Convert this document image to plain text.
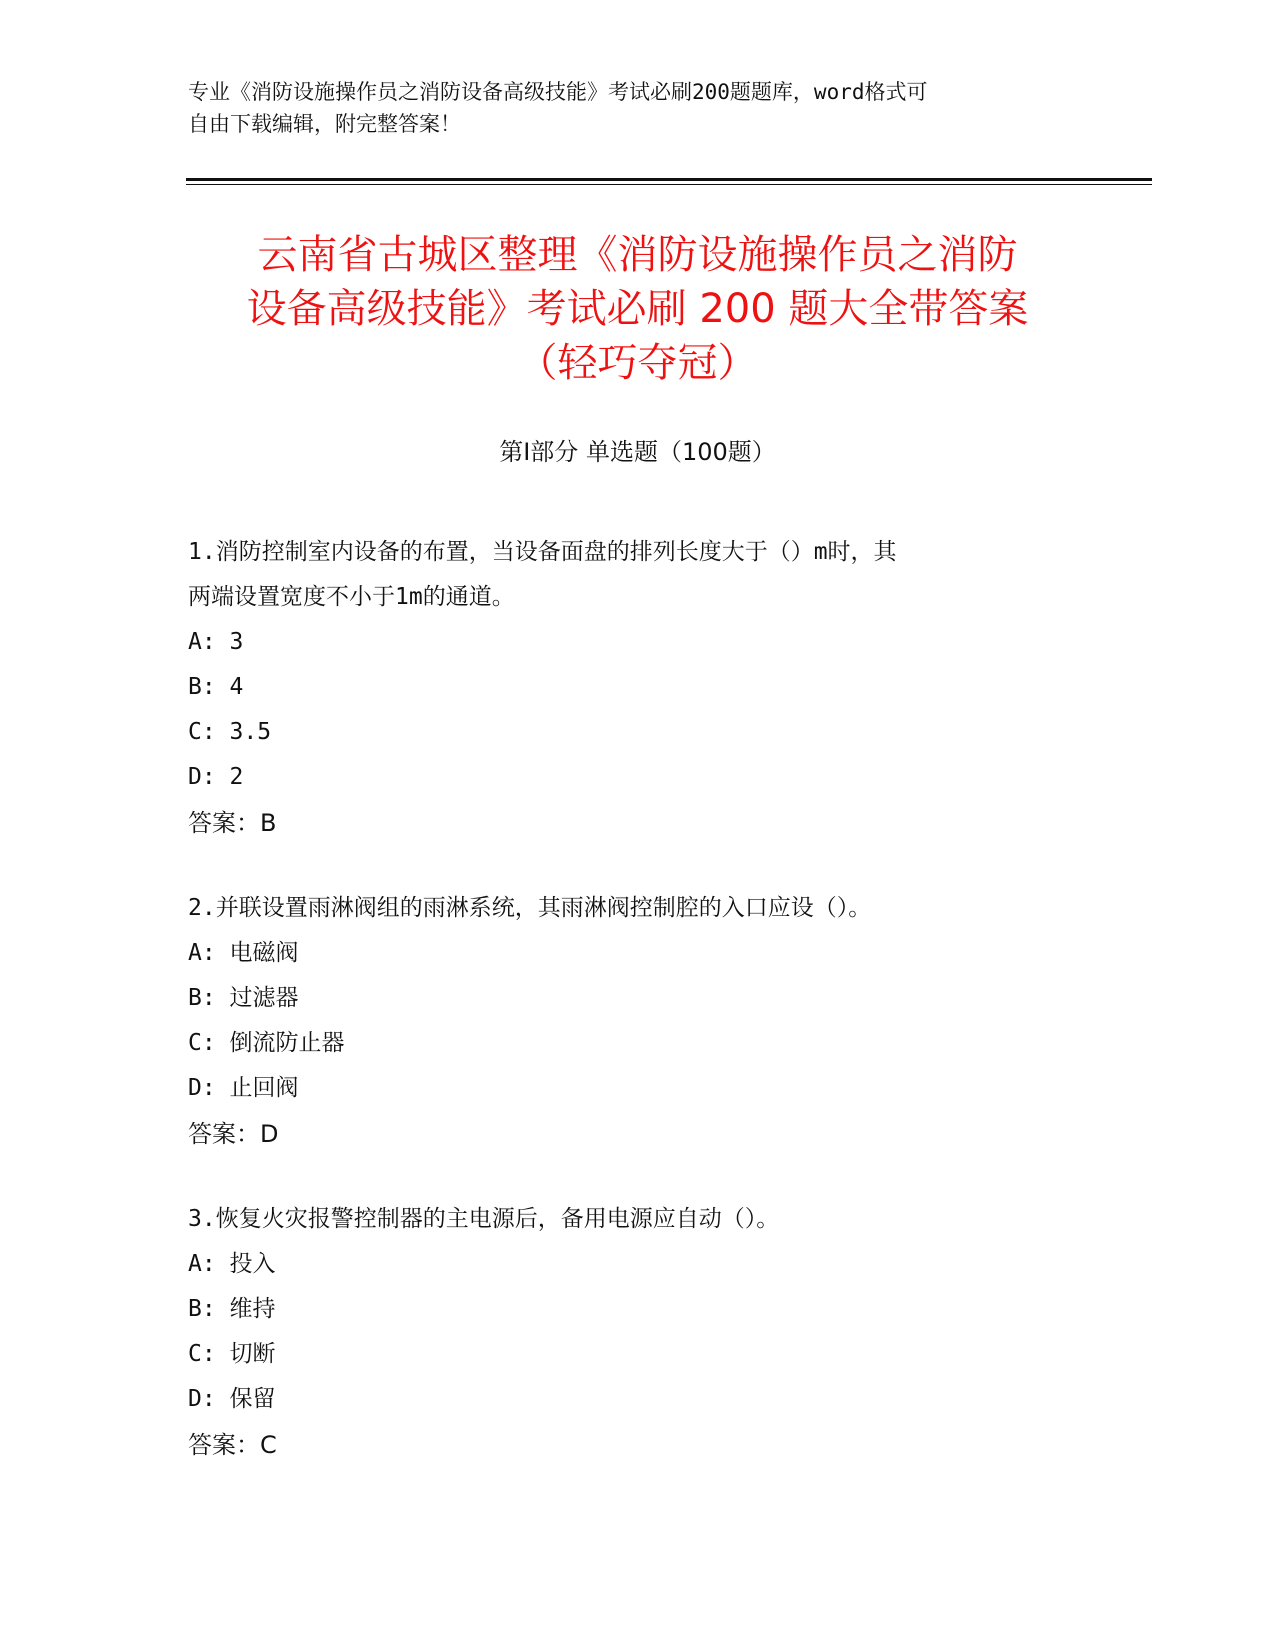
专业《消防设施操作员之消防设备高级技能》考试必刷200题题库，word格式可
自由下载编辑，附完整答案！
云南省古城区整理《消防设施操作员之消防
设备高级技能》考试必刷 200 题大全带答案
（轻巧夺冠）
第Ⅰ部分 单选题（100题）
1.消防控制室内设备的布置，当设备面盘的排列长度大于（）m时，其
两端设置宽度不小于1m的通道。
A: 3
B: 4
C: 3.5
D: 2
答案：B
2.并联设置雨淋阀组的雨淋系统，其雨淋阀控制腔的入口应设（）。
A: 电磁阀
B: 过滤器
C: 倒流防止器
D: 止回阀
答案：D
3.恢复火灾报警控制器的主电源后，备用电源应自动（）。
A: 投入
B: 维持
C: 切断
D: 保留
答案：C
